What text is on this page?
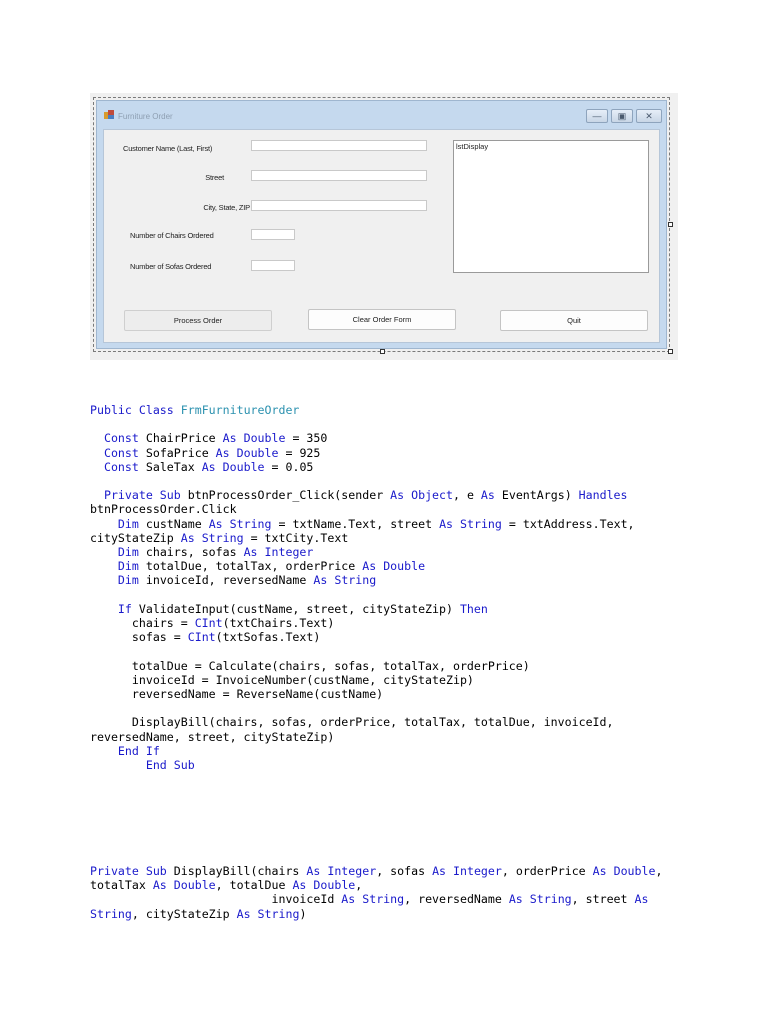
Furniture Order	—	▣	✕
Customer Name (Last, First)
Street
City, State, ZIP
Number of Chairs Ordered
Number of Sofas Ordered
lstDisplay
Process Order	Clear Order Form	Quit
Public Class FrmFurnitureOrder

Const ChairPrice As Double = 350
Const SofaPrice As Double = 925
Const SaleTax As Double = 0.05

Private Sub btnProcessOrder_Click(sender As Object, e As EventArgs) Handles
btnProcessOrder.Click
Dim custName As String = txtName.Text, street As String = txtAddress.Text,
cityStateZip As String = txtCity.Text
Dim chairs, sofas As Integer
Dim totalDue, totalTax, orderPrice As Double
Dim invoiceId, reversedName As String

If ValidateInput(custName, street, cityStateZip) Then
chairs = CInt(txtChairs.Text)
sofas = CInt(txtSofas.Text)

totalDue = Calculate(chairs, sofas, totalTax, orderPrice)
invoiceId = InvoiceNumber(custName, cityStateZip)
reversedName = ReverseName(custName)

DisplayBill(chairs, sofas, orderPrice, totalTax, totalDue, invoiceId,
reversedName, street, cityStateZip)
End If
End Sub
Private Sub DisplayBill(chairs As Integer, sofas As Integer, orderPrice As Double,
totalTax As Double, totalDue As Double,
invoiceId As String, reversedName As String, street As
String, cityStateZip As String)
